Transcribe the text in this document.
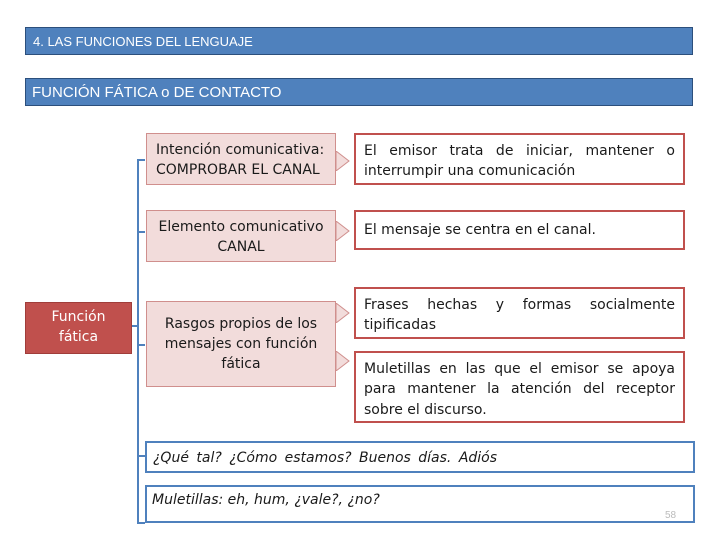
4. LAS FUNCIONES DEL LENGUAJE
FUNCIÓN FÁTICA o DE CONTACTO
Función fática
Intención comunicativa: COMPROBAR EL CANAL
El emisor trata de iniciar, mantener o interrumpir una comunicación
Elemento comunicativo CANAL
El mensaje se centra en el canal.
Rasgos propios de los mensajes con función fática
Frases hechas y formas socialmente tipificadas
Muletillas en las que el emisor se apoya para mantener la atención del receptor sobre el discurso.
¿Qué tal? ¿Cómo estamos? Buenos días. Adiós
Muletillas: eh, hum, ¿vale?, ¿no?
58
